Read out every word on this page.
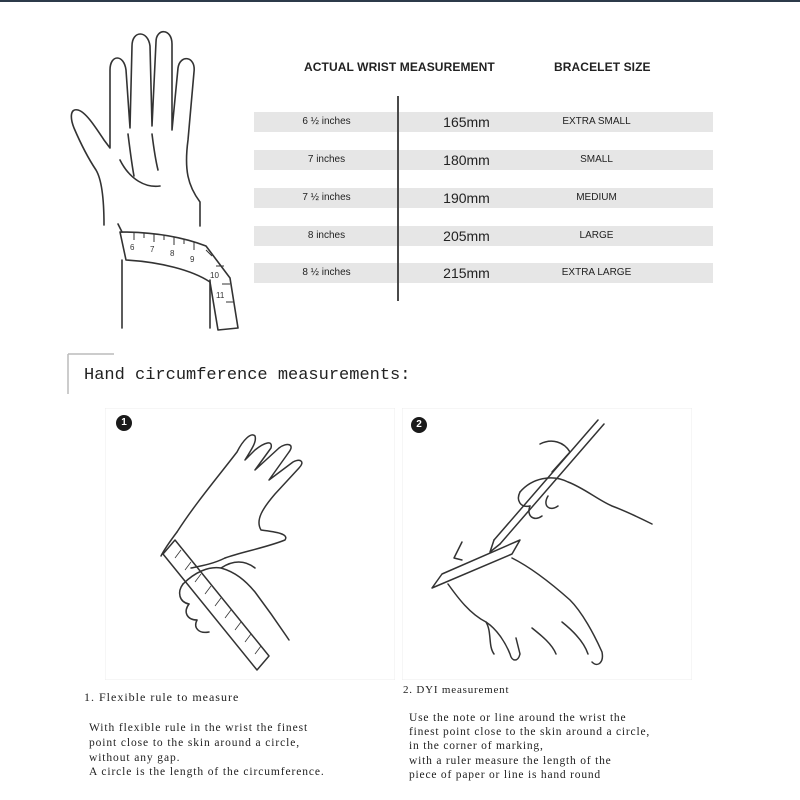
6 7 8
9
10
11
ACTUAL WRIST MEASUREMENT	BRACELET SIZE
6 ½ inches	165mm	EXTRA SMALL
7 inches	180mm	SMALL
7 ½ inches	190mm	MEDIUM
8 inches	205mm	LARGE
8 ½ inches	215mm	EXTRA LARGE
Hand circumference measurements:
1	2
1. Flexible rule to measure
With flexible rule in the wrist the finest
point close to the skin around a circle,
without any gap.
A circle is the length of the circumference.
2. DYI measurement
Use the note or line around the wrist the
finest point close to the skin around a circle,
in the corner of marking,
with a ruler measure the length of the
piece of paper or line is hand round
